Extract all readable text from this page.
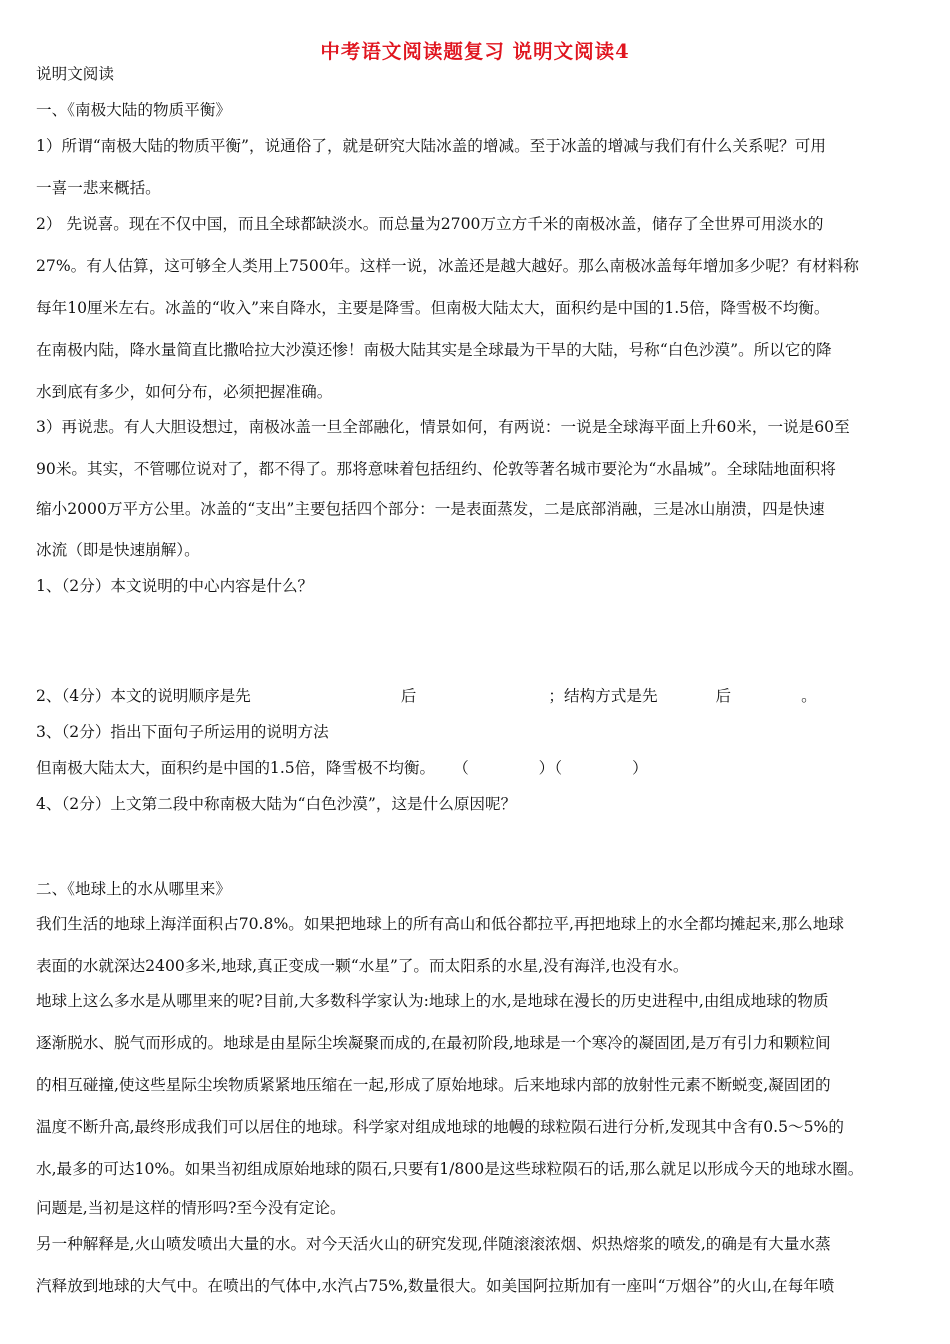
中考语文阅读题复习 说明文阅读4
说明文阅读
一、《南极大陆的物质平衡》
1）所谓“南极大陆的物质平衡”，说通俗了，就是研究大陆冰盖的增减。至于冰盖的增减与我们有什么关系呢？可用
一喜一悲来概括。
2） 先说喜。现在不仅中国，而且全球都缺淡水。而总量为2700万立方千米的南极冰盖，储存了全世界可用淡水的
27%。有人估算，这可够全人类用上7500年。这样一说，冰盖还是越大越好。那么南极冰盖每年增加多少呢？有材料称
每年10厘米左右。冰盖的“收入”来自降水，主要是降雪。但南极大陆太大，面积约是中国的1.5倍，降雪极不均衡。
在南极内陆，降水量简直比撒哈拉大沙漠还惨！南极大陆其实是全球最为干旱的大陆，号称“白色沙漠”。所以它的降
水到底有多少，如何分布，必须把握准确。
3）再说悲。有人大胆设想过，南极冰盖一旦全部融化，情景如何，有两说：一说是全球海平面上升60米，一说是60至
90米。其实，不管哪位说对了，都不得了。那将意味着包括纽约、伦敦等著名城市要沦为“水晶城”。全球陆地面积将
缩小2000万平方公里。冰盖的“支出”主要包括四个部分：一是表面蒸发，二是底部消融，三是冰山崩溃，四是快速
冰流（即是快速崩解）。
1、（2分）本文说明的中心内容是什么？
2、（4分）本文的说明顺序是先	后	；结构方式是先	后	。
3、（2分）指出下面句子所运用的说明方法
但南极大陆太大，面积约是中国的1.5倍，降雪极不均衡。 （	）（	）
4、（2分）上文第二段中称南极大陆为“白色沙漠”，这是什么原因呢？
二、《地球上的水从哪里来》
我们生活的地球上海洋面积占70.8%。如果把地球上的所有高山和低谷都拉平,再把地球上的水全都均摊起来,那么地球
表面的水就深达2400多米,地球,真正变成一颗“水星”了。而太阳系的水星,没有海洋,也没有水。
地球上这么多水是从哪里来的呢?目前,大多数科学家认为:地球上的水,是地球在漫长的历史进程中,由组成地球的物质
逐渐脱水、脱气而形成的。地球是由星际尘埃凝聚而成的,在最初阶段,地球是一个寒冷的凝固团,是万有引力和颗粒间
的相互碰撞,使这些星际尘埃物质紧紧地压缩在一起,形成了原始地球。后来地球内部的放射性元素不断蜕变,凝固团的
温度不断升高,最终形成我们可以居住的地球。科学家对组成地球的地幔的球粒陨石进行分析,发现其中含有0.5～5%的
水,最多的可达10%。如果当初组成原始地球的陨石,只要有1/800是这些球粒陨石的话,那么就足以形成今天的地球水圈。
问题是,当初是这样的情形吗?至今没有定论。
另一种解释是,火山喷发喷出大量的水。对今天活火山的研究发现,伴随滚滚浓烟、炽热熔浆的喷发,的确是有大量水蒸
汽释放到地球的大气中。在喷出的气体中,水汽占75%,数量很大。如美国阿拉斯加有一座叫“万烟谷”的火山,在每年喷
